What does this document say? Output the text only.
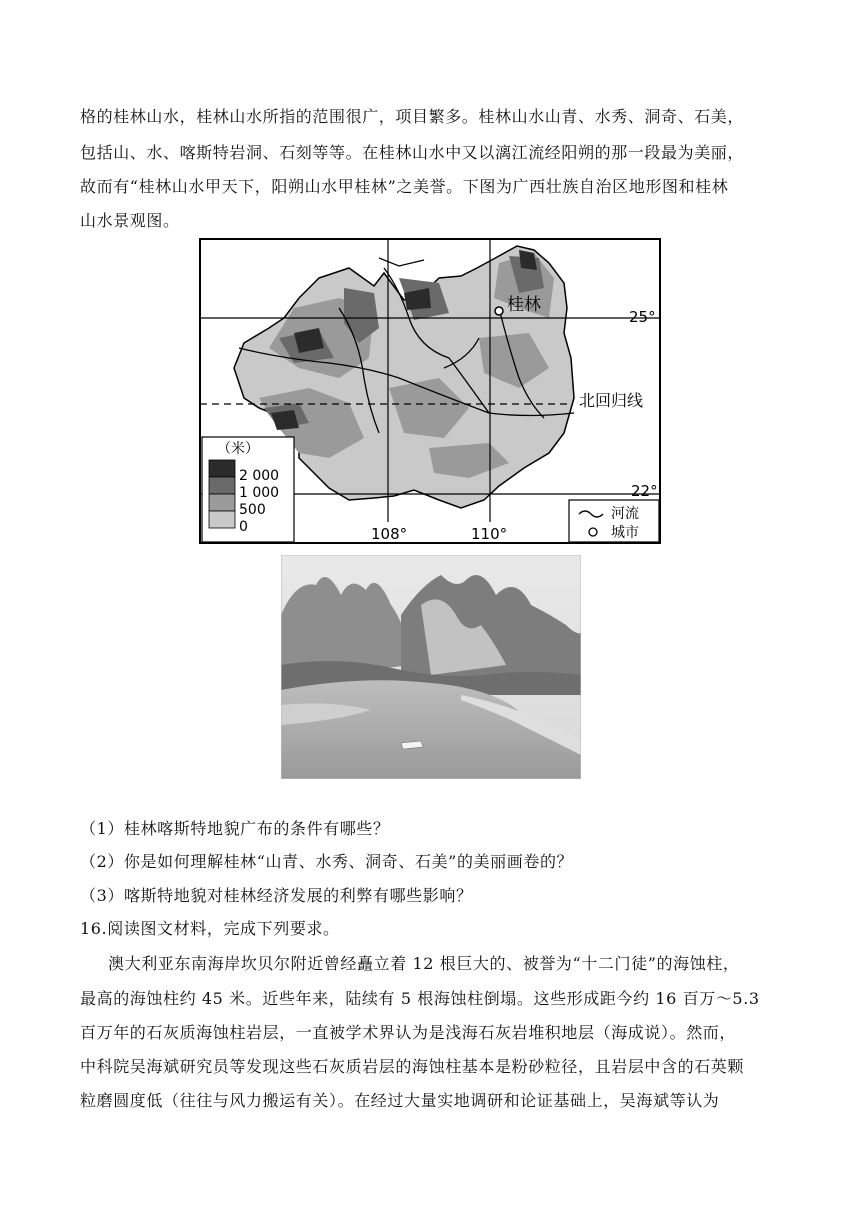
格的桂林山水，桂林山水所指的范围很广，项目繁多。桂林山水山青、水秀、洞奇、石美，
包括山、水、喀斯特岩洞、石刻等等。在桂林山水中又以漓江流经阳朔的那一段最为美丽，
故而有“桂林山水甲天下，阳朔山水甲桂林”之美誉。下图为广西壮族自治区地形图和桂林
山水景观图。
桂林
25°
22°
北回归线
108°	110°
（米）
2 000
1 000
500
0
河流
城市
（1）桂林喀斯特地貌广布的条件有哪些？
（2）你是如何理解桂林“山青、水秀、洞奇、石美”的美丽画卷的？
（3）喀斯特地貌对桂林经济发展的利弊有哪些影响？
16.阅读图文材料，完成下列要求。
澳大利亚东南海岸坎贝尔附近曾经矗立着 12 根巨大的、被誉为“十二门徒”的海蚀柱，
最高的海蚀柱约 45 米。近些年来，陆续有 5 根海蚀柱倒塌。这些形成距今约 16 百万～5.3
百万年的石灰质海蚀柱岩层，一直被学术界认为是浅海石灰岩堆积地层（海成说）。然而，
中科院吴海斌研究员等发现这些石灰质岩层的海蚀柱基本是粉砂粒径，且岩层中含的石英颗
粒磨圆度低（往往与风力搬运有关）。在经过大量实地调研和论证基础上，吴海斌等认为
